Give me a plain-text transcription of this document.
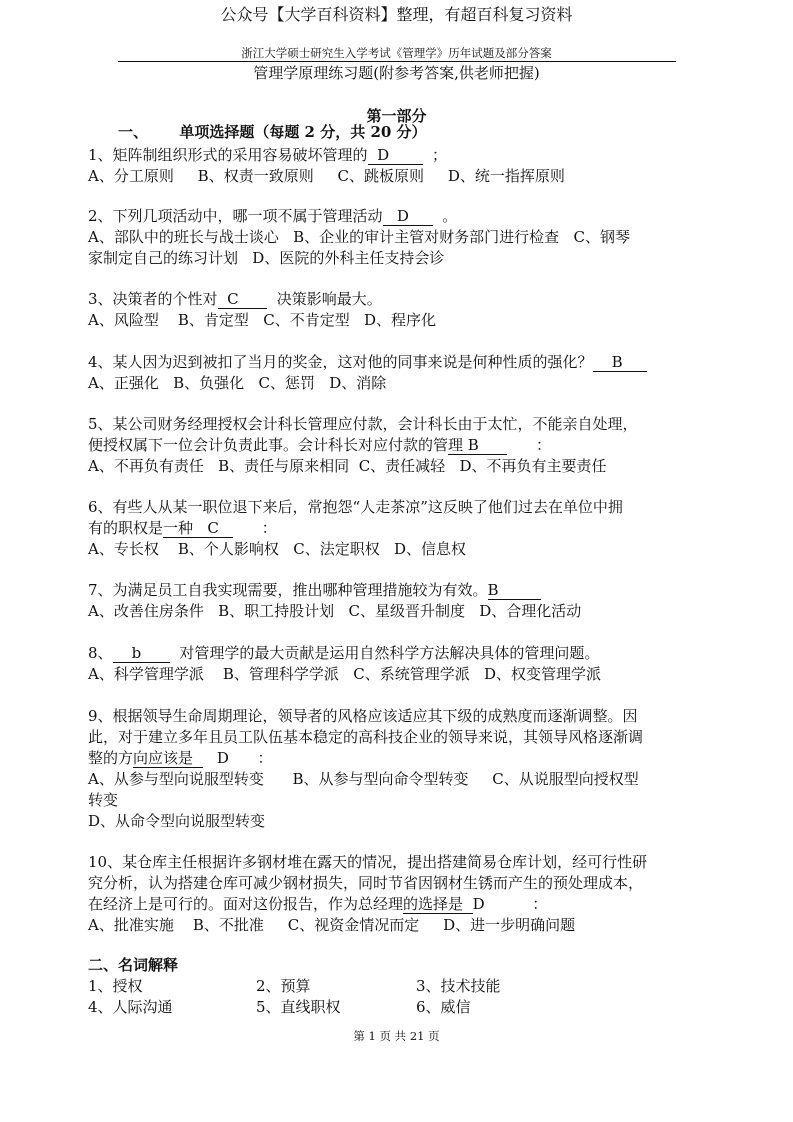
公众号【大学百科资料】整理，有超百科复习资料
浙江大学硕士研究生入学考试《管理学》历年试题及部分答案
管理学原理练习题(附参考答案,供老师把握)
第一部分
一、      单项选择题（每题 2 分，共 20 分）
1、矩阵制组织形式的采用容易破坏管理的  D         ；
A、分工原则     B、权责一致原则     C、跳板原则     D、统一指挥原则
2、下列几项活动中，哪一项不属于管理活动   D       。
A、部队中的班长与战士谈心   B、企业的审计主管对财务部门进行检查   C、钢琴
家制定自己的练习计划   D、医院的外科主任支持会诊
3、决策者的个性对  C        决策影响最大。
A、风险型    B、肯定型   C、不肯定型   D、程序化
4、某人因为迟到被扣了当月的奖金，这对他的同事来说是何种性质的强化？    B
A、正强化   B、负强化   C、惩罚   D、消除
5、某公司财务经理授权会计科长管理应付款，会计科长由于太忙，不能亲自处理，
便授权属下一位会计负责此事。会计科长对应付款的管理 B            ：
A、不再负有责任   B、责任与原来相同  C、责任减轻   D、不再负有主要责任
6、有些人从某一职位退下来后，常抱怨“人走茶凉”这反映了他们过去在单位中拥
有的职权是一种   C         ：
A、专长权    B、个人影响权   C、法定职权   D、信息权
7、为满足员工自我实现需要，推出哪种管理措施较为有效。B
A、改善住房条件   B、职工持股计划   C、星级晋升制度   D、合理化活动
8、    b        对管理学的最大贡献是运用自然科学方法解决具体的管理问题。
A、科学管理学派    B、管理科学学派   C、系统管理学派   D、权变管理学派
9、根据领导生命周期理论，领导者的风格应该适应其下级的成熟度而逐渐调整。因
此，对于建立多年且员工队伍基本稳定的高科技企业的领导来说，其领导风格逐渐调
整的方向应该是     D      ：
A、从参与型向说服型转变      B、从参与型向命令型转变     C、从说服型向授权型
转变
D、从命令型向说服型转变
10、某仓库主任根据许多钢材堆在露天的情况，提出搭建简易仓库计划，经可行性研
究分析，认为搭建仓库可减少钢材损失，同时节省因钢材生锈而产生的预处理成本，
在经济上是可行的。面对这份报告，作为总经理的选择是  D          ：
A、批准实施    B、不批准     C、视资金情况而定     D、进一步明确问题
二、名词解释
1、授权	2、预算	3、技术技能
4、人际沟通	5、直线职权	6、威信
第 1 页 共 21 页
